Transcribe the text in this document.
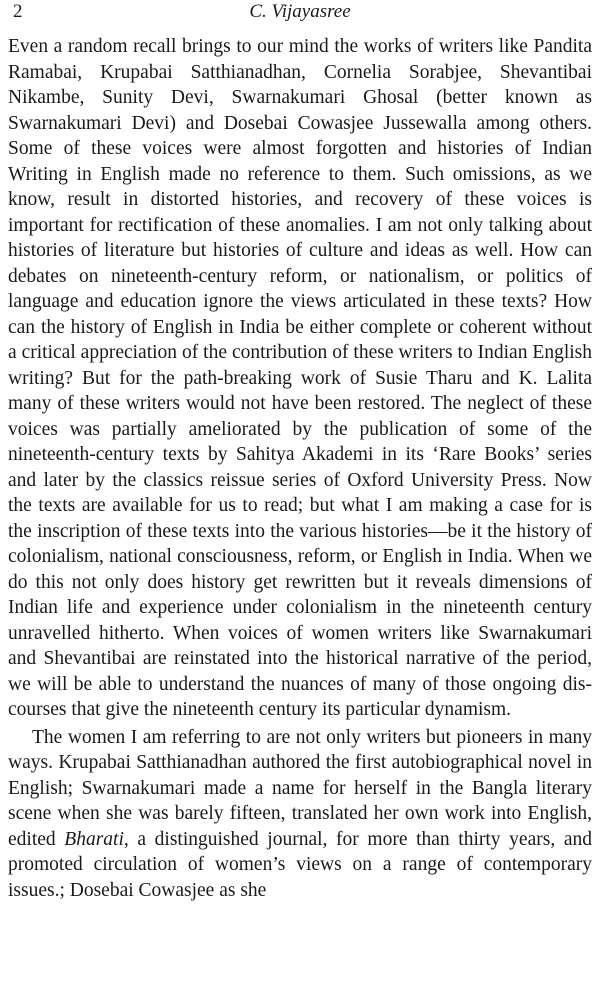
2	C. Vijayasree

Even a random recall brings to our mind the works of writers like Pandita Ramabai, Krupabai Satthianadhan, Cornelia Sorabjee, Shevantibai Nikambe, Sunity Devi, Swarnakumari Ghosal (better known as Swarnakumari Devi) and Dosebai Cowasjee Jussewalla among others. Some of these voices were almost forgotten and histories of Indian Writing in English made no reference to them. Such omissions, as we know, result in distorted histories, and recovery of these voices is important for rectification of these anomalies. I am not only talking about histories of literature but histories of culture and ideas as well. How can debates on nineteenth-century reform, or nationalism, or politics of language and education ignore the views articulated in these texts? How can the history of English in India be either complete or coherent without a critical appreciation of the contribution of these writers to Indian English writing? But for the path-breaking work of Susie Tharu and K. Lalita many of these writers would not have been restored. The neglect of these voices was partially ameliorated by the publication of some of the nineteenth-century texts by Sahitya Akademi in its ‘Rare Books’ series and later by the classics reissue series of Oxford University Press. Now the texts are available for us to read; but what I am making a case for is the inscription of these texts into the various histories—be it the history of colonialism, national consciousness, reform, or English in India. When we do this not only does history get rewritten but it reveals dimensions of Indian life and experience under colonialism in the nineteenth century unravelled hitherto. When voices of women writers like Swarnakumari and Shevantibai are reinstated into the historical narrative of the period, we will be able to understand the nuances of many of those ongoing discourses that give the nineteenth century its particular dynamism.

The women I am referring to are not only writers but pioneers in many ways. Krupabai Satthianadhan authored the first autobiographical novel in English; Swarnakumari made a name for herself in the Bangla literary scene when she was barely fifteen, translated her own work into English, edited Bharati, a distinguished journal, for more than thirty years, and promoted circulation of women’s views on a range of contemporary issues.; Dosebai Cowasjee as she
